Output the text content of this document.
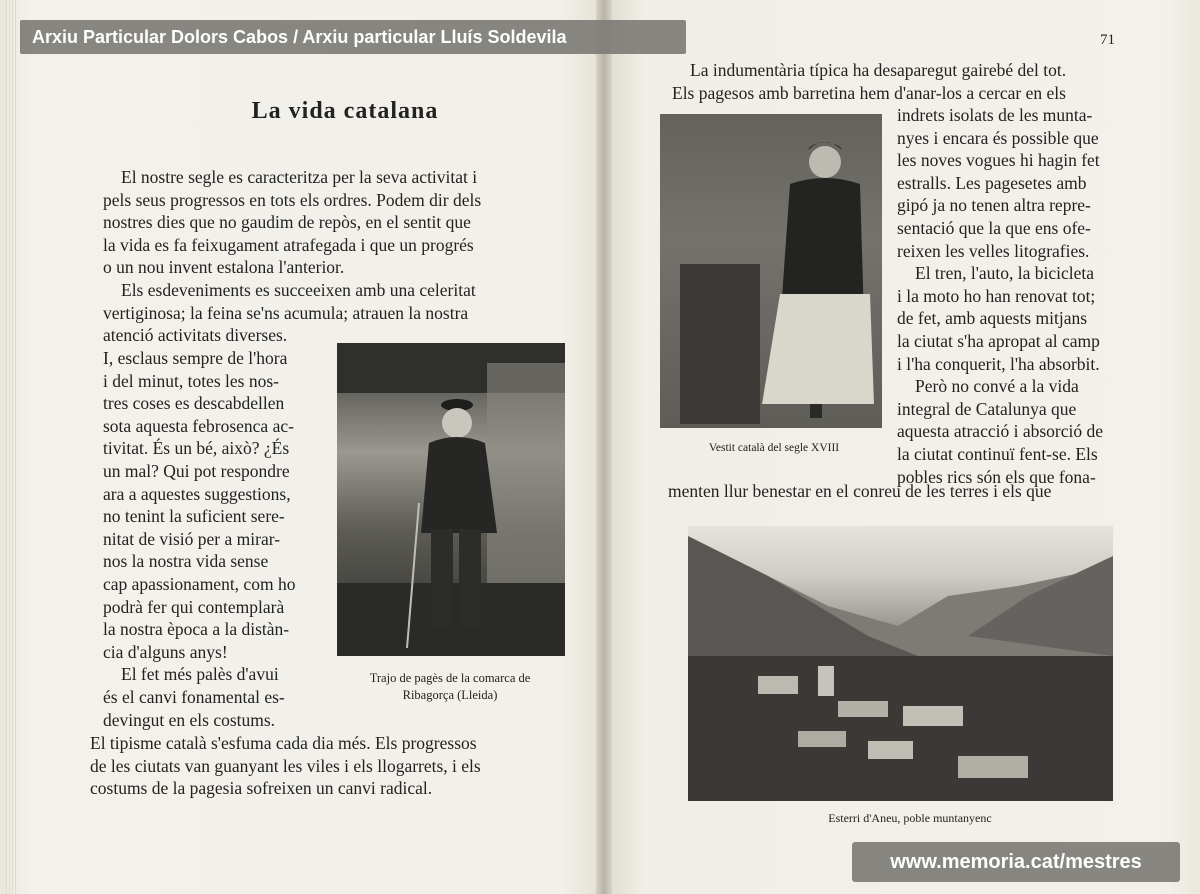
La vida catalana

El nostre segle es caracteritza per la seva activitat i

pels seus progressos en tots els ordres. Podem dir dels

nostres dies que no gaudim de repòs, en el sentit que

la vida es fa feixugament atrafegada i que un progrés

o un nou invent estalona l'anterior.

Els esdeveniments es succeeixen amb una celeritat

vertiginosa; la feina se'ns acumula; atrauen la nostra

atenció activitats diverses.

I, esclaus sempre de l'hora

i del minut, totes les nos-

tres coses es descabdellen

sota aquesta febrosenca ac-

tivitat. És un bé, això? ¿És

un mal? Qui pot respondre

ara a aquestes suggestions,

no tenint la suficient sere-

nitat de visió per a mirar-

nos la nostra vida sense

cap apassionament, com ho

podrà fer qui contemplarà

la nostra època a la distàn-

cia d'alguns anys!

El fet més palès d'avui

és el canvi fonamental es-

devingut en els costums.

El tipisme català s'esfuma cada dia més. Els progressos

de les ciutats van guanyant les viles i els llogarrets, i els

costums de la pagesia sofreixen un canvi radical.

Trajo de pagès de la comarca de
Ribagorça (Lleida)
71

La indumentària típica ha desaparegut gairebé del tot.

Els pagesos amb barretina hem d'anar-los a cercar en els

indrets isolats de les munta-

nyes i encara és possible que

les noves vogues hi hagin fet

estralls. Les pagesetes amb

gipó ja no tenen altra repre-

sentació que la que ens ofe-

reixen les velles litografies.

El tren, l'auto, la bicicleta

i la moto ho han renovat tot;

de fet, amb aquests mitjans

la ciutat s'ha apropat al camp

i l'ha conquerit, l'ha absorbit.

Però no convé a la vida

integral de Catalunya que

aquesta atracció i absorció de

la ciutat continuï fent-se. Els

pobles rics són els que fona-

menten llur benestar en el conreu de les terres i els que

Vestit català del segle XVIII
Esterri d'Aneu, poble muntanyenc
Arxiu Particular Dolors Cabos / Arxiu particular Lluís Soldevila
www.memoria.cat/mestres
